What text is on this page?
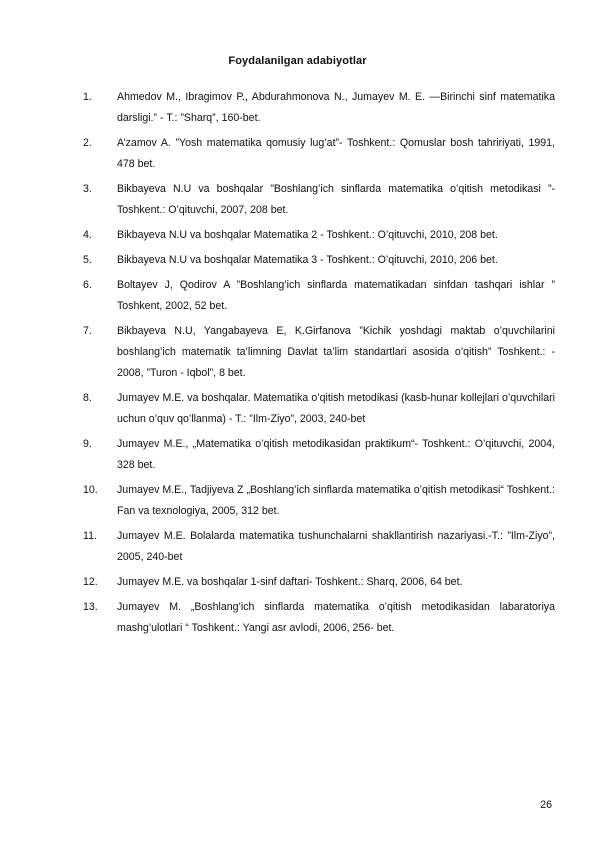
Foydalanilgan adabiyotlar
1.	Ahmedov M., Ibragimov P., Abdurahmonova N., Jumayev M. E. ―Birinchi sinf matematika darsligi.” - T.: ”Sharq”, 160-bet.
2.	A’zamov A. ”Yosh matematika qomusiy lug’at”- Toshkent.: Qomuslar bosh tahririyati, 1991, 478 bet.
3.	Bikbayeva N.U va boshqalar ”Boshlang’ich sinflarda matematika o’qitish metodikasi ”- Toshkent.: O’qituvchi, 2007, 208 bet.
4.	Bikbayeva N.U va boshqalar Matematika 2 - Toshkent.: O’qituvchi, 2010, 208 bet.
5.	Bikbayeva N.U va boshqalar Matematika 3 - Toshkent.: O’qituvchi, 2010, 206 bet.
6.	Boltayev J, Qodirov A ”Boshlang’ich sinflarda matematikadan sinfdan tashqari ishlar ” Toshkent, 2002, 52 bet.
7.	Bikbayeva N.U, Yangabayeva E, K.Girfanova ”Kichik yoshdagi maktab o’quvchilarini boshlang’ich matematik ta’limning Davlat ta’lim standartlari asosida o’qitish” Toshkent.: - 2008, ”Turon - Iqbol”, 8 bet.
8.	Jumayev M.E. va boshqalar. Matematika o’qitish metodikasi (kasb-hunar kollejlari o’quvchilari uchun o’quv qo’llanma) - T.: ”Ilm-Ziyo”, 2003, 240-bet
9.	Jumayev M.E., „Matematika o’qitish metodikasidan praktikum“- Toshkent.: O’qituvchi, 2004, 328 bet.
10.	Jumayev M.E., Tadjiyeva Z „Boshlang’ich sinflarda matematika o’qitish metodikasi“ Toshkent.: Fan va texnologiya, 2005, 312 bet.
11.	Jumayev M.E. Bolalarda matematika tushunchalarni shakllantirish nazariyasi.-T.: ”Ilm-Ziyo”, 2005, 240-bet
12.	Jumayev M.E. va boshqalar 1-sinf daftari- Toshkent.: Sharq, 2006, 64 bet.
13.	Jumayev M. „Boshlang’ich sinflarda matematika o’qitish metodikasidan labaratoriya mashg’ulotlari “ Toshkent.: Yangi asr avlodi, 2006, 256- bet.
26
